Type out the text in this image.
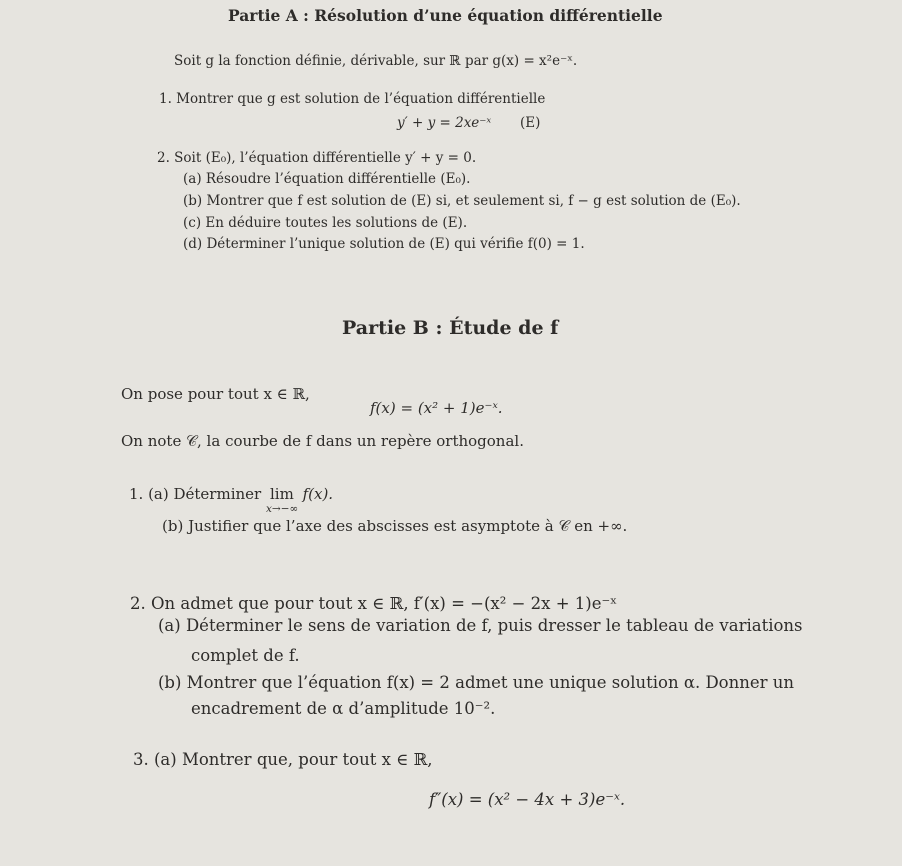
Partie A : Résolution d’une équation différentielle
Soit g la fonction définie, dérivable, sur ℝ par g(x) = x²e⁻ˣ.
1. Montrer que g est solution de l’équation différentielle
y′ + y = 2xe⁻ˣ (E)
2. Soit (E₀), l’équation différentielle y′ + y = 0.
(a) Résoudre l’équation différentielle (E₀).
(b) Montrer que f est solution de (E) si, et seulement si, f − g est solution de (E₀).
(c) En déduire toutes les solutions de (E).
(d) Déterminer l’unique solution de (E) qui vérifie f(0) = 1.
Partie B : Étude de f
On pose pour tout x ∈ ℝ,
f(x) = (x² + 1)e⁻ˣ.
On note 𝒞, la courbe de f dans un repère orthogonal.
1. (a) Déterminer lim
x→−∞
f(x).
(b) Justifier que l’axe des abscisses est asymptote à 𝒞 en +∞.
2. On admet que pour tout x ∈ ℝ, f′(x) = −(x² − 2x + 1)e⁻ˣ
(a) Déterminer le sens de variation de f, puis dresser le tableau de variations
complet de f.
(b) Montrer que l’équation f(x) = 2 admet une unique solution α. Donner un
encadrement de α d’amplitude 10⁻².
3. (a) Montrer que, pour tout x ∈ ℝ,
f″(x) = (x² − 4x + 3)e⁻ˣ.
